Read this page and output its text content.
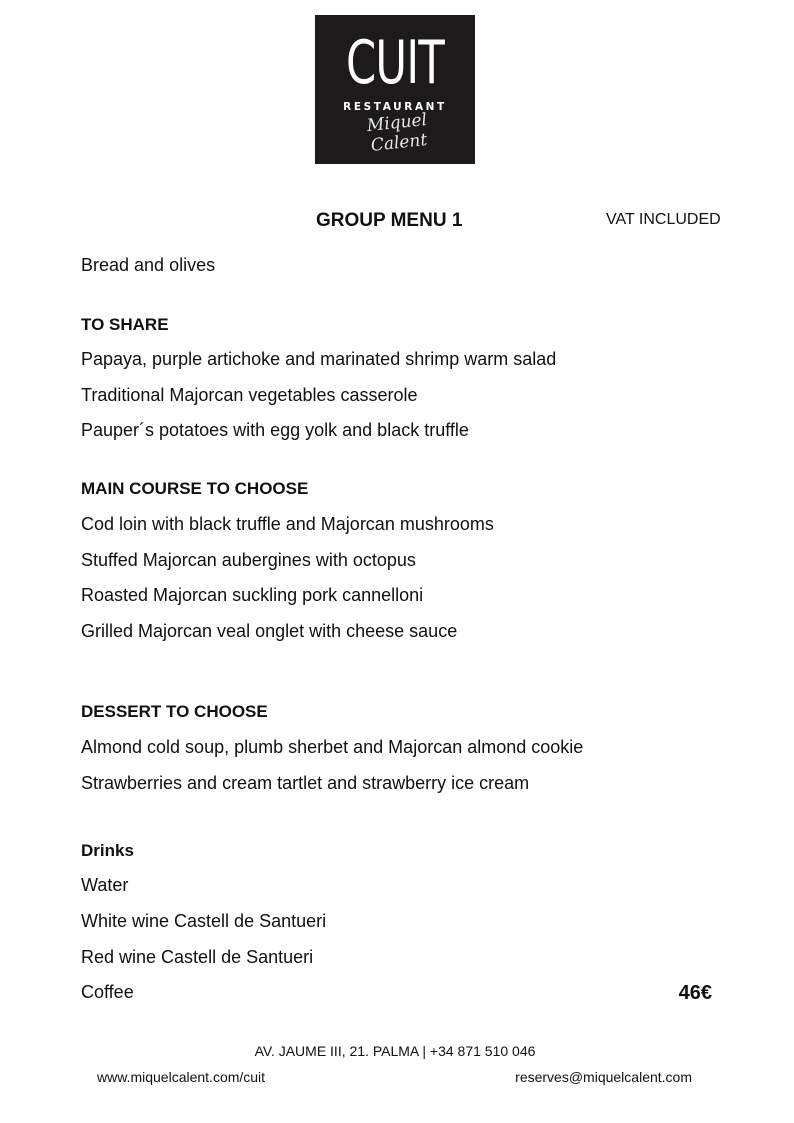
CUIT
RESTAURANT
Miquel Calent
GROUP MENU 1	VAT INCLUDED
Bread and olives
TO SHARE
Papaya, purple artichoke and marinated shrimp warm salad
Traditional Majorcan vegetables casserole
Pauper´s potatoes with egg yolk and black truffle
MAIN COURSE TO CHOOSE
Cod loin with black truffle and Majorcan mushrooms
Stuffed Majorcan aubergines with octopus
Roasted Majorcan suckling pork cannelloni
Grilled Majorcan veal onglet with cheese sauce
DESSERT TO CHOOSE
Almond cold soup, plumb sherbet and Majorcan almond cookie
Strawberries and cream tartlet and strawberry ice cream
Drinks
Water
White wine Castell de Santueri
Red wine Castell de Santueri
Coffee	46€
AV. JAUME III, 21. PALMA | +34 871 510 046
www.miquelcalent.com/cuit	reserves@miquelcalent.com
